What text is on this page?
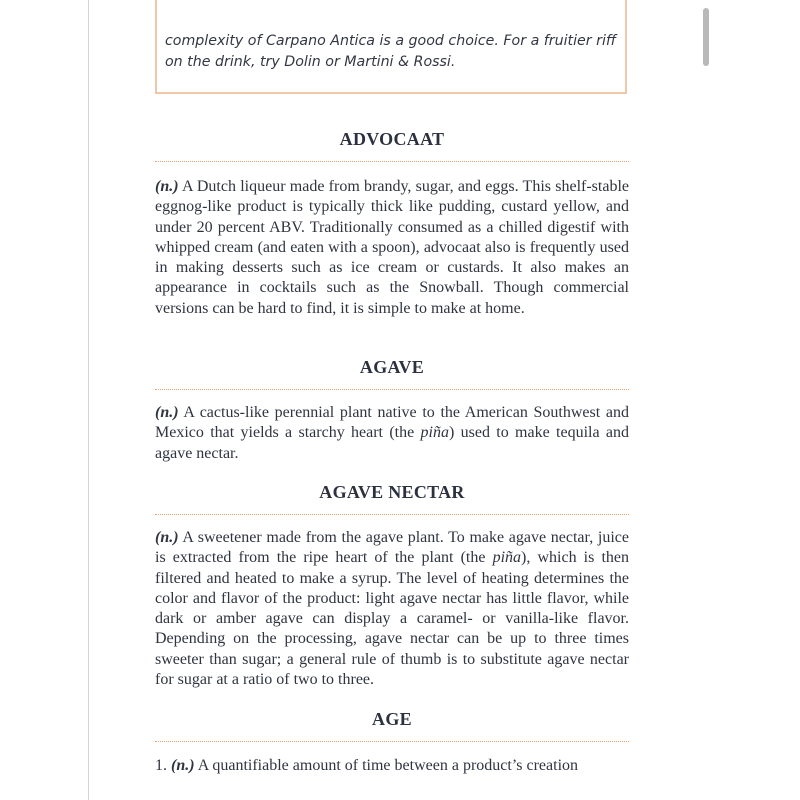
complexity of Carpano Antica is a good choice. For a fruitier riff on the drink, try Dolin or Martini & Rossi.

ADVOCAAT

(n.) A Dutch liqueur made from brandy, sugar, and eggs. This shelf-stable eggnog-like product is typically thick like pudding, custard yellow, and under 20 percent ABV. Traditionally consumed as a chilled digestif with whipped cream (and eaten with a spoon), advocaat also is frequently used in making desserts such as ice cream or custards. It also makes an appearance in cocktails such as the Snowball. Though commercial versions can be hard to find, it is simple to make at home.

AGAVE

(n.) A cactus-like perennial plant native to the American Southwest and Mexico that yields a starchy heart (the piña) used to make tequila and agave nectar.

AGAVE NECTAR

(n.) A sweetener made from the agave plant. To make agave nectar, juice is extracted from the ripe heart of the plant (the piña), which is then filtered and heated to make a syrup. The level of heating determines the color and flavor of the product: light agave nectar has little flavor, while dark or amber agave can display a caramel- or vanilla-like flavor. Depending on the processing, agave nectar can be up to three times sweeter than sugar; a general rule of thumb is to substitute agave nectar for sugar at a ratio of two to three.

AGE

1. (n.) A quantifiable amount of time between a product’s creation
